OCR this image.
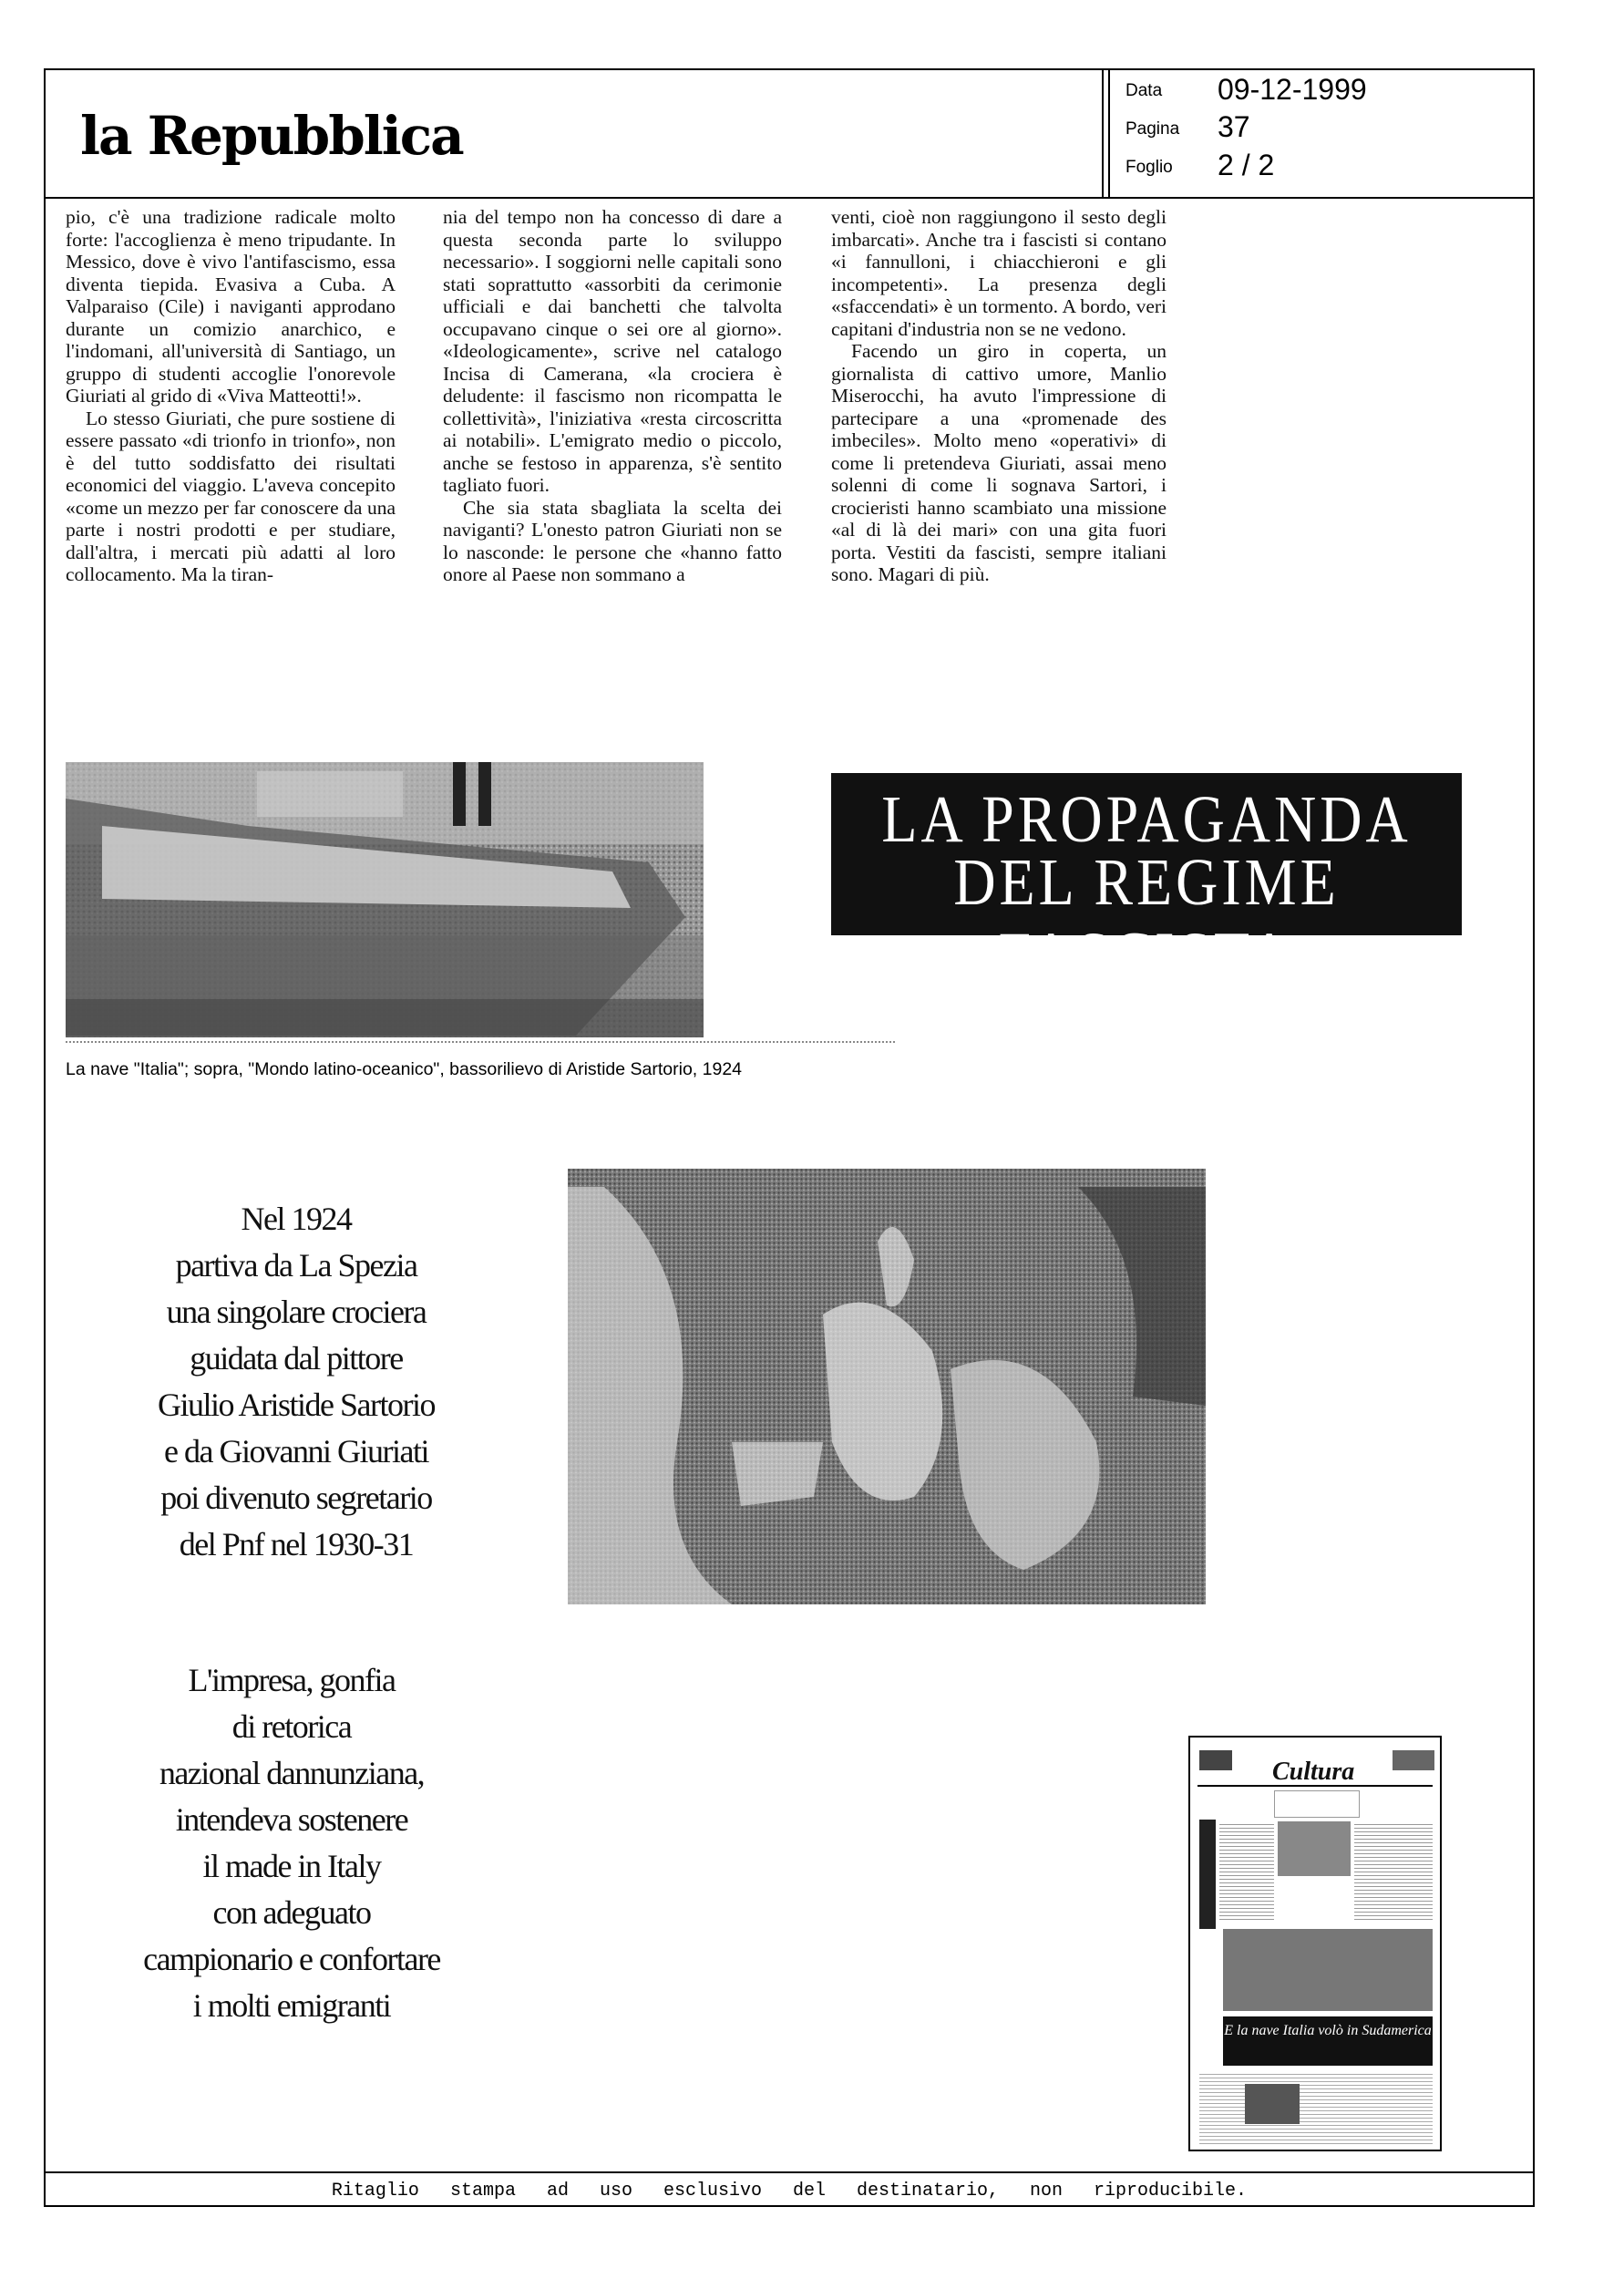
la Repubblica
Data 09-12-1999
Pagina 37
Foglio 2 / 2

pio, c'è una tradizione radicale molto forte: l'accoglienza è meno tripudante. In Messico, dove è vivo l'antifascismo, essa diventa tiepida. Evasiva a Cuba. A Valparaiso (Cile) i naviganti approdano durante un comizio anarchico, e l'indomani, all'università di Santiago, un gruppo di studenti accoglie l'onorevole Giuriati al grido di «Viva Matteotti!».

Lo stesso Giuriati, che pure sostiene di essere passato «di trionfo in trionfo», non è del tutto soddisfatto dei risultati economici del viaggio. L'aveva concepito «come un mezzo per far conoscere da una parte i nostri prodotti e per studiare, dall'altra, i mercati più adatti al loro collocamento. Ma la tiran-

nia del tempo non ha concesso di dare a questa seconda parte lo sviluppo necessario». I soggiorni nelle capitali sono stati soprattutto «assorbiti da cerimonie ufficiali e dai banchetti che talvolta occupavano cinque o sei ore al giorno». «Ideologicamente», scrive nel catalogo Incisa di Camerana, «la crociera è deludente: il fascismo non ricompatta le collettività», l'iniziativa «resta circoscritta ai notabili». L'emigrato medio o piccolo, anche se festoso in apparenza, s'è sentito tagliato fuori.

Che sia stata sbagliata la scelta dei naviganti? L'onesto patron Giuriati non se lo nasconde: le persone che «hanno fatto onore al Paese non sommano a

venti, cioè non raggiungono il sesto degli imbarcati». Anche tra i fascisti si contano «i fannulloni, i chiacchieroni e gli incompetenti». La presenza degli «sfaccendati» è un tormento. A bordo, veri capitani d'industria non se ne vedono.

Facendo un giro in coperta, un giornalista di cattivo umore, Manlio Miserocchi, ha avuto l'impressione di partecipare a una «promenade des imbeciles». Molto meno «operativi» di come li pretendeva Giuriati, assai meno solenni di come li sognava Sartori, i crocieristi hanno scambiato una missione «al di là dei mari» con una gita fuori porta. Vestiti da fascisti, sempre italiani sono. Magari di più.

LA PROPAGANDA
DEL REGIME FASCISTA
La nave "Italia"; sopra, "Mondo latino-oceanico", bassorilievo di Aristide Sartorio, 1924
Nel 1924
partiva da La Spezia
una singolare crociera
guidata dal pittore
Giulio Aristide Sartorio
e da Giovanni Giuriati
poi divenuto segretario
del Pnf nel 1930-31
L'impresa, gonfia
di retorica
nazional dannunziana,
intendeva sostenere
il made in Italy
con adeguato
campionario e confortare
i molti emigranti
Cultura
E la nave Italia volò in Sudamerica
Ritaglio stampa ad uso esclusivo del destinatario, non riproducibile.
